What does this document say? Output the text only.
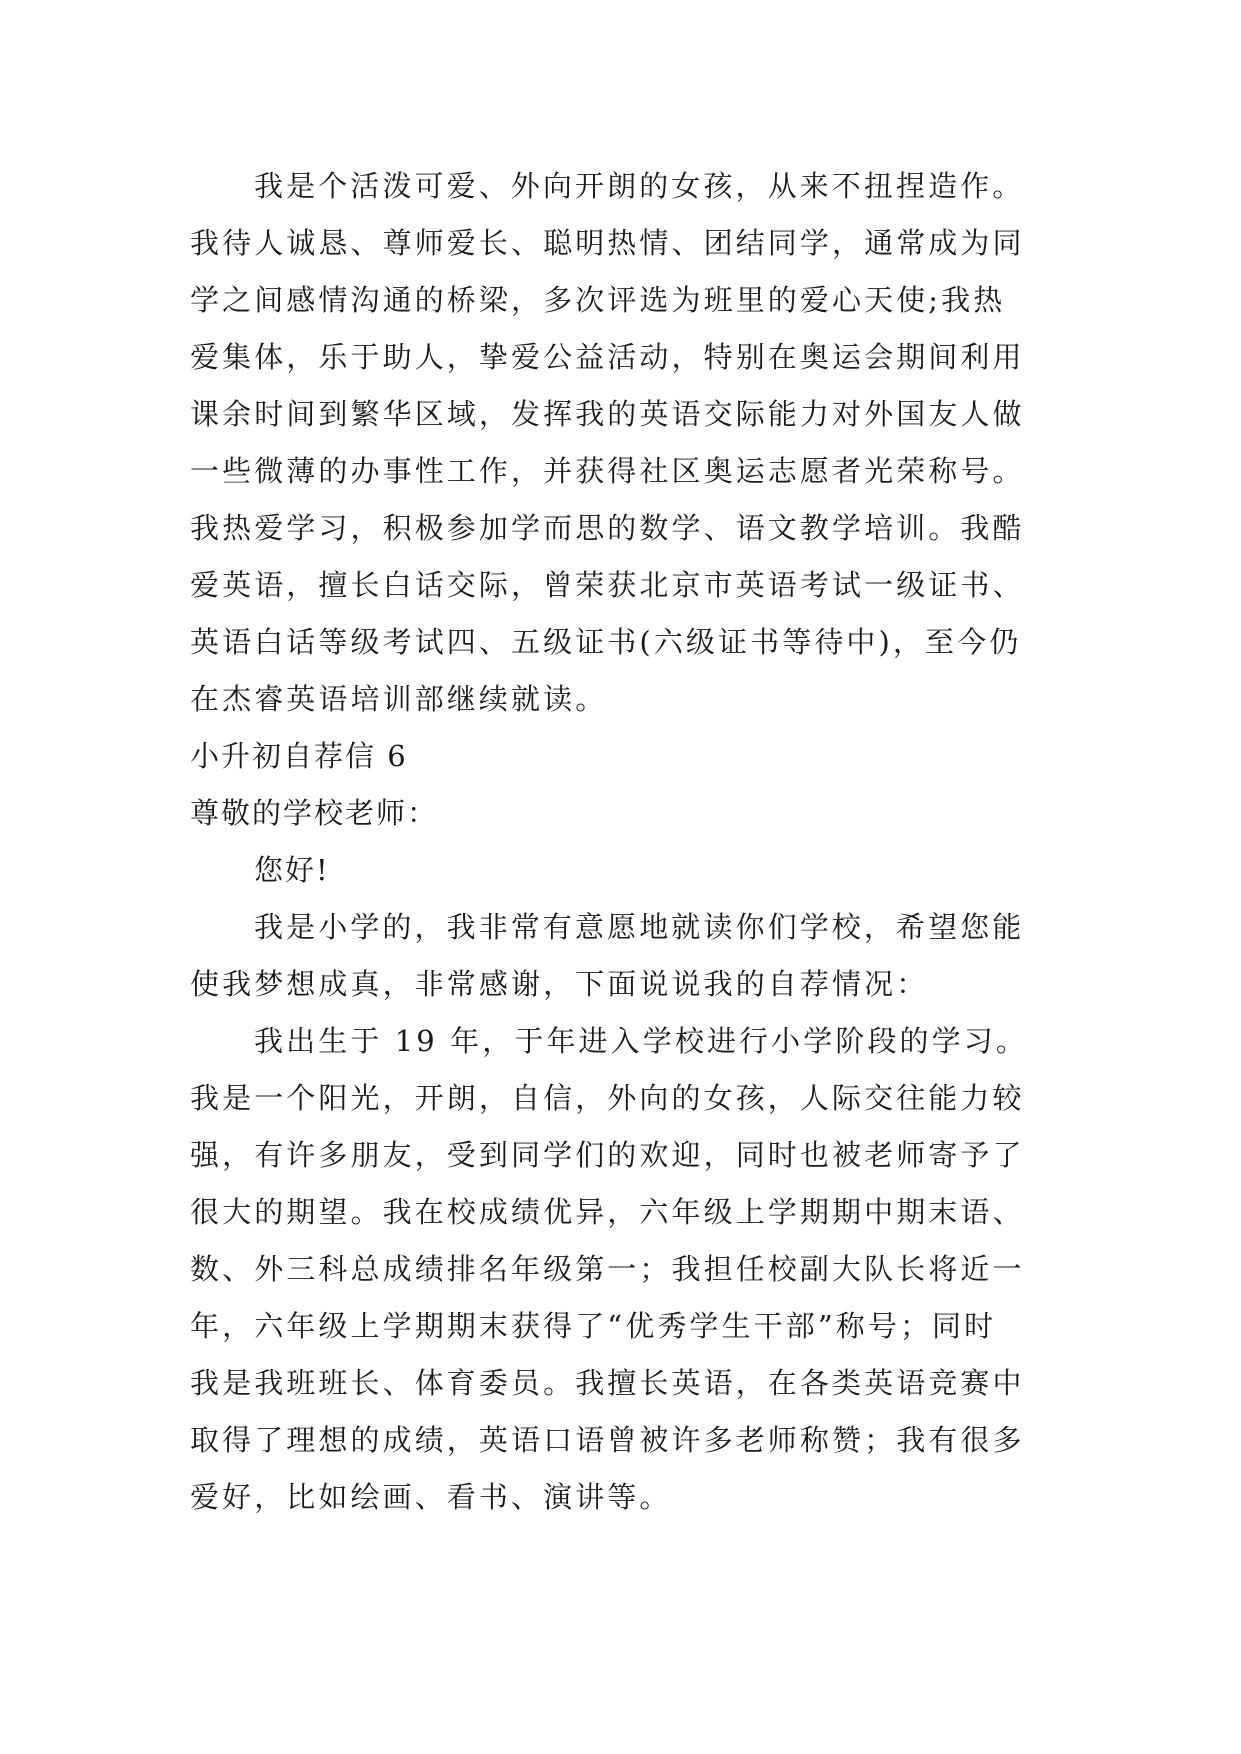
我是个活泼可爱、外向开朗的女孩，从来不扭捏造作。
我待人诚恳、尊师爱长、聪明热情、团结同学，通常成为同
学之间感情沟通的桥梁，多次评选为班里的爱心天使;我热
爱集体，乐于助人，挚爱公益活动，特别在奥运会期间利用
课余时间到繁华区域，发挥我的英语交际能力对外国友人做
一些微薄的办事性工作，并获得社区奥运志愿者光荣称号。
我热爱学习，积极参加学而思的数学、语文教学培训。我酷
爱英语，擅长白话交际，曾荣获北京市英语考试一级证书、
英语白话等级考试四、五级证书(六级证书等待中)，至今仍
在杰睿英语培训部继续就读。
小升初自荐信 6
尊敬的学校老师：
您好!
我是小学的，我非常有意愿地就读你们学校，希望您能
使我梦想成真，非常感谢，下面说说我的自荐情况：
我出生于 19 年，于年进入学校进行小学阶段的学习。
我是一个阳光，开朗，自信，外向的女孩，人际交往能力较
强，有许多朋友，受到同学们的欢迎，同时也被老师寄予了
很大的期望。我在校成绩优异，六年级上学期期中期末语、
数、外三科总成绩排名年级第一；我担任校副大队长将近一
年，六年级上学期期末获得了“优秀学生干部”称号；同时
我是我班班长、体育委员。我擅长英语，在各类英语竞赛中
取得了理想的成绩，英语口语曾被许多老师称赞；我有很多
爱好，比如绘画、看书、演讲等。
